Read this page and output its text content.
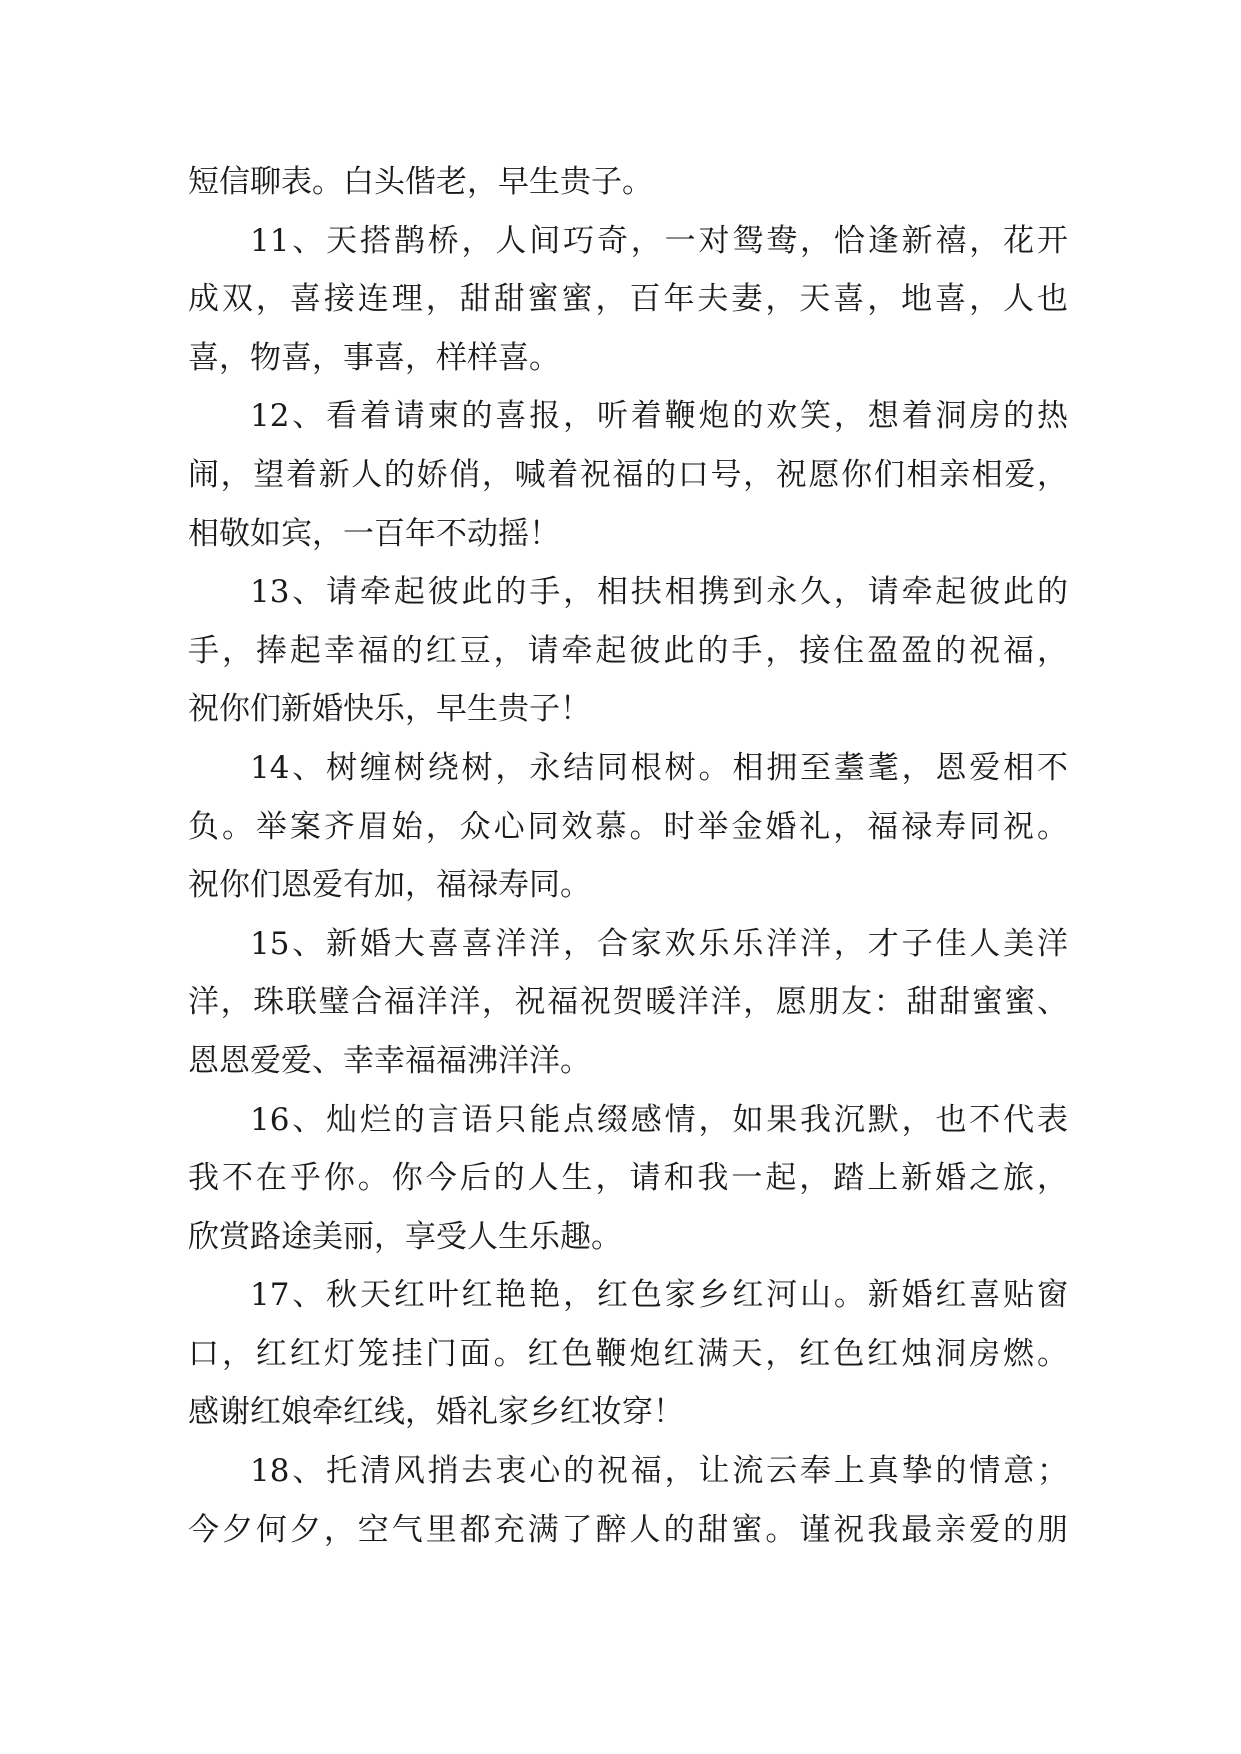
短信聊表。白头偕老，早生贵子。
11、天搭鹊桥，人间巧奇，一对鸳鸯，恰逢新禧，花开
成双，喜接连理，甜甜蜜蜜，百年夫妻，天喜，地喜，人也
喜，物喜，事喜，样样喜。
12、看着请柬的喜报，听着鞭炮的欢笑，想着洞房的热
闹，望着新人的娇俏，喊着祝福的口号，祝愿你们相亲相爱，
相敬如宾，一百年不动摇！
13、请牵起彼此的手，相扶相携到永久，请牵起彼此的
手，捧起幸福的红豆，请牵起彼此的手，接住盈盈的祝福，
祝你们新婚快乐，早生贵子！
14、树缠树绕树，永结同根树。相拥至耋耄，恩爱相不
负。举案齐眉始，众心同效慕。时举金婚礼，福禄寿同祝。
祝你们恩爱有加，福禄寿同。
15、新婚大喜喜洋洋，合家欢乐乐洋洋，才子佳人美洋
洋，珠联璧合福洋洋，祝福祝贺暖洋洋，愿朋友：甜甜蜜蜜、
恩恩爱爱、幸幸福福沸洋洋。
16、灿烂的言语只能点缀感情，如果我沉默，也不代表
我不在乎你。你今后的人生，请和我一起，踏上新婚之旅，
欣赏路途美丽，享受人生乐趣。
17、秋天红叶红艳艳，红色家乡红河山。新婚红喜贴窗
口，红红灯笼挂门面。红色鞭炮红满天，红色红烛洞房燃。
感谢红娘牵红线，婚礼家乡红妆穿！
18、托清风捎去衷心的祝福，让流云奉上真挚的情意；
今夕何夕，空气里都充满了醉人的甜蜜。谨祝我最亲爱的朋
